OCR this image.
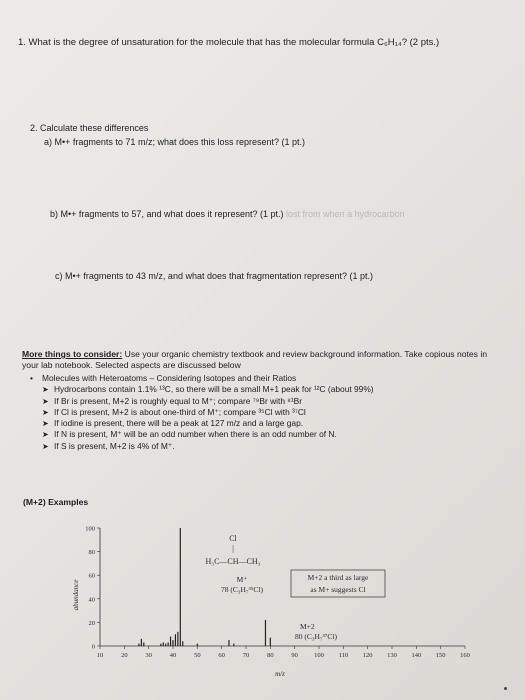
1. What is the degree of unsaturation for the molecule that has the molecular formula C₆H₁₄? (2 pts.)
2. Calculate these differences
a) M•+ fragments to 71 m/z; what does this loss represent? (1 pt.)
b) M•+ fragments to 57, and what does it represent? (1 pt.) lost from when a hydrocarbon
c) M•+ fragments to 43 m/z, and what does that fragmentation represent? (1 pt.)
More things to consider: Use your organic chemistry textbook and review background information. Take copious notes in your lab notebook. Selected aspects are discussed below
• Molecules with Heteroatoms – Considering Isotopes and their Ratios
➤ Hydrocarbons contain 1.1% ¹³C, so there will be a small M+1 peak for ¹²C (about 99%)
➤ If Br is present, M+2 is roughly equal to M⁺; compare ⁷⁹Br with ⁸¹Br
➤ If Cl is present, M+2 is about one-third of M⁺; compare ³⁵Cl with ³⁷Cl
➤ If iodine is present, there will be a peak at 127 m/z and a large gap.
➤ If N is present, M⁺ will be an odd number when there is an odd number of N.
➤ If S is present, M+2 is 4% of M⁺.
(M+2) Examples
0
20
40
60
80
100
10	20	30	40	50	60	70	80	90 100 110 120 130 140 150 160
abundance
m/z
Cl
|
H₃C—CH—CH₃
M⁺
78 (C₃H₇³⁵Cl)
M+2 a third as large
as M+ suggests Cl
M+2
80 (C₃H₇³⁷Cl)
